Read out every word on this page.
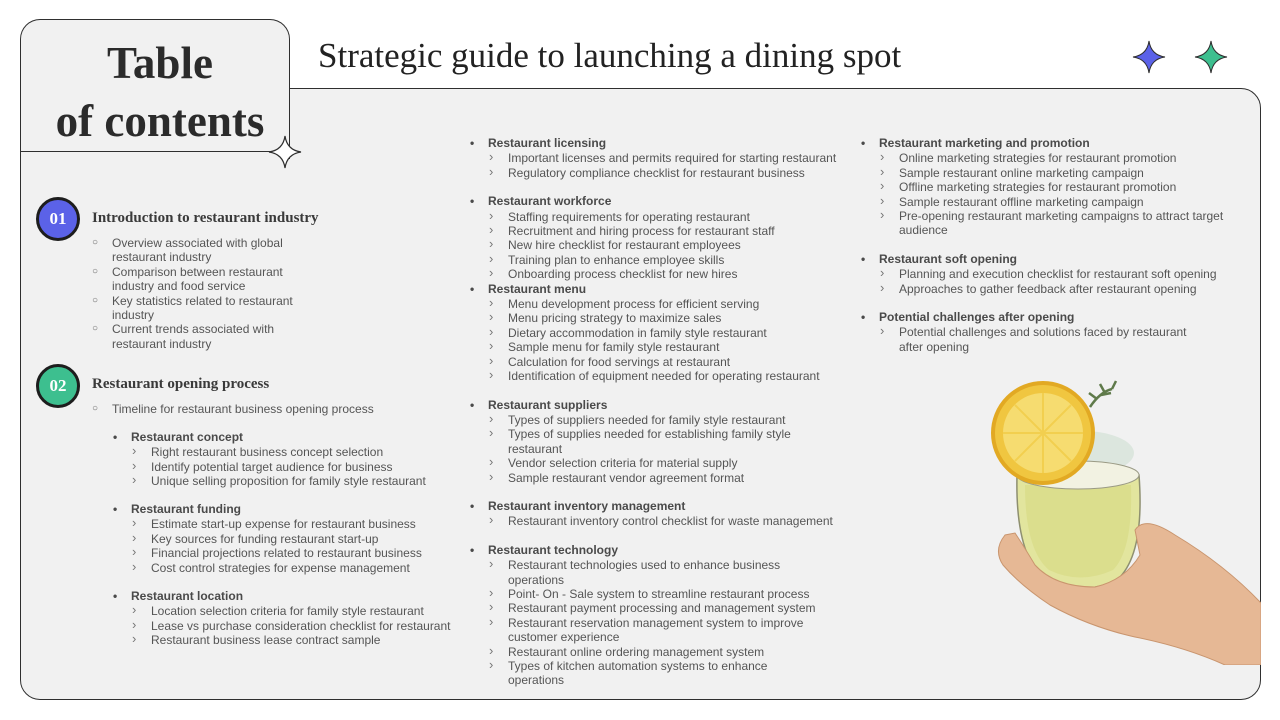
Table
of contents
Strategic guide to launching a dining spot
01	Introduction to restaurant industry
○ Overview associated with global
restaurant industry
○ Comparison between restaurant
industry and food service
○ Key statistics related to restaurant
industry
○ Current trends associated with
restaurant industry
02	Restaurant opening process
○ Timeline for restaurant business opening process
• Restaurant concept
› Right restaurant business concept selection
› Identify potential target audience for business
› Unique selling proposition for family style restaurant
• Restaurant funding
› Estimate start-up expense for restaurant business
› Key sources for funding restaurant start-up
› Financial projections related to restaurant business
› Cost control strategies for expense management
• Restaurant location
› Location selection criteria for family style restaurant
› Lease vs purchase consideration checklist for restaurant
› Restaurant business lease contract sample
• Restaurant licensing
› Important licenses and permits required for starting restaurant
› Regulatory compliance checklist for restaurant business
• Restaurant workforce
› Staffing requirements for operating restaurant
› Recruitment and hiring process for restaurant staff
› New hire checklist for restaurant employees
› Training plan to enhance employee skills
› Onboarding process checklist for new hires
• Restaurant menu
› Menu development process for efficient serving
› Menu pricing strategy to maximize sales
› Dietary accommodation in family style restaurant
› Sample menu for family style restaurant
› Calculation for food servings at restaurant
› Identification of equipment needed for operating restaurant
• Restaurant suppliers
› Types of suppliers needed for family style restaurant
› Types of supplies needed for establishing family style restaurant
› Vendor selection criteria for material supply
› Sample restaurant vendor agreement format
• Restaurant inventory management
› Restaurant inventory control checklist for waste management
• Restaurant technology
› Restaurant technologies used to enhance business operations
› Point- On - Sale system to streamline restaurant process
› Restaurant payment processing and management system
› Restaurant reservation management system to improve customer experience
› Restaurant online ordering management system
› Types of kitchen automation systems to enhance operations
• Restaurant marketing and promotion
› Online marketing strategies for restaurant promotion
› Sample restaurant online marketing campaign
› Offline marketing strategies for restaurant promotion
› Sample restaurant offline marketing campaign
› Pre-opening restaurant marketing campaigns to attract target audience
• Restaurant soft opening
› Planning and execution checklist for restaurant soft opening
› Approaches to gather feedback after restaurant opening
• Potential challenges after opening
› Potential challenges and solutions faced by restaurant after opening
